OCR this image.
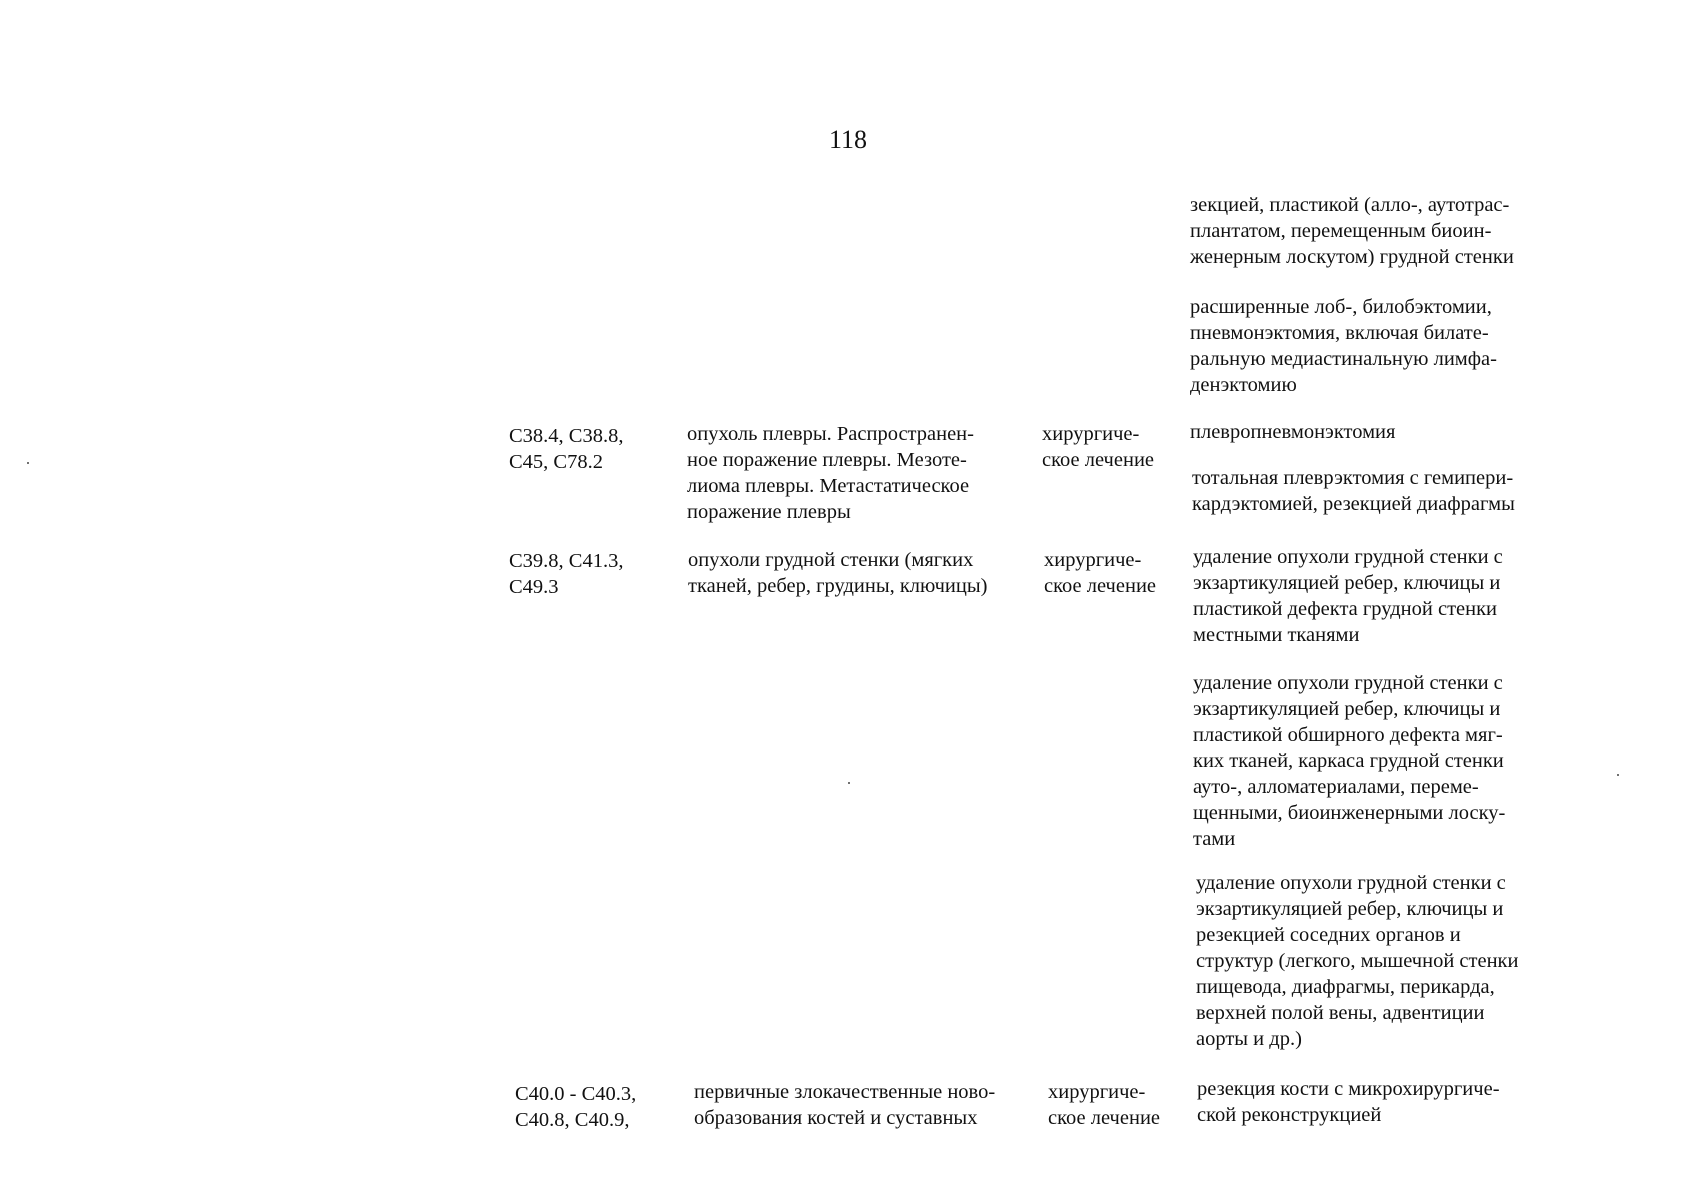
118
зекцией, пластикой (алло-, аутотрас-
плантатом, перемещенным биоин-
женерным лоскутом) грудной стенки
расширенные лоб-, билобэктомии,
пневмонэктомия, включая билате-
ральную медиастинальную лимфа-
денэктомию
C38.4, C38.8,
C45, C78.2
опухоль плевры. Распространен-
ное поражение плевры. Мезоте-
лиома плевры. Метастатическое
поражение плевры
хирургиче-
ское лечение
плевропневмонэктомия
тотальная плеврэктомия с гемипери-
кардэктомией, резекцией диафрагмы
C39.8, C41.3,
C49.3
опухоли грудной стенки (мягких
тканей, ребер, грудины, ключицы)
хирургиче-
ское лечение
удаление опухоли грудной стенки с
экзартикуляцией ребер, ключицы и
пластикой дефекта грудной стенки
местными тканями
удаление опухоли грудной стенки с
экзартикуляцией ребер, ключицы и
пластикой обширного дефекта мяг-
ких тканей, каркаса грудной стенки
ауто-, алломатериалами, переме-
щенными, биоинженерными лоску-
тами
удаление опухоли грудной стенки с
экзартикуляцией ребер, ключицы и
резекцией соседних органов и
структур (легкого, мышечной стенки
пищевода, диафрагмы, перикарда,
верхней полой вены, адвентиции
аорты и др.)
C40.0 - C40.3,
C40.8, C40.9,
первичные злокачественные ново-
образования костей и суставных
хирургиче-
ское лечение
резекция кости с микрохирургиче-
ской реконструкцией
